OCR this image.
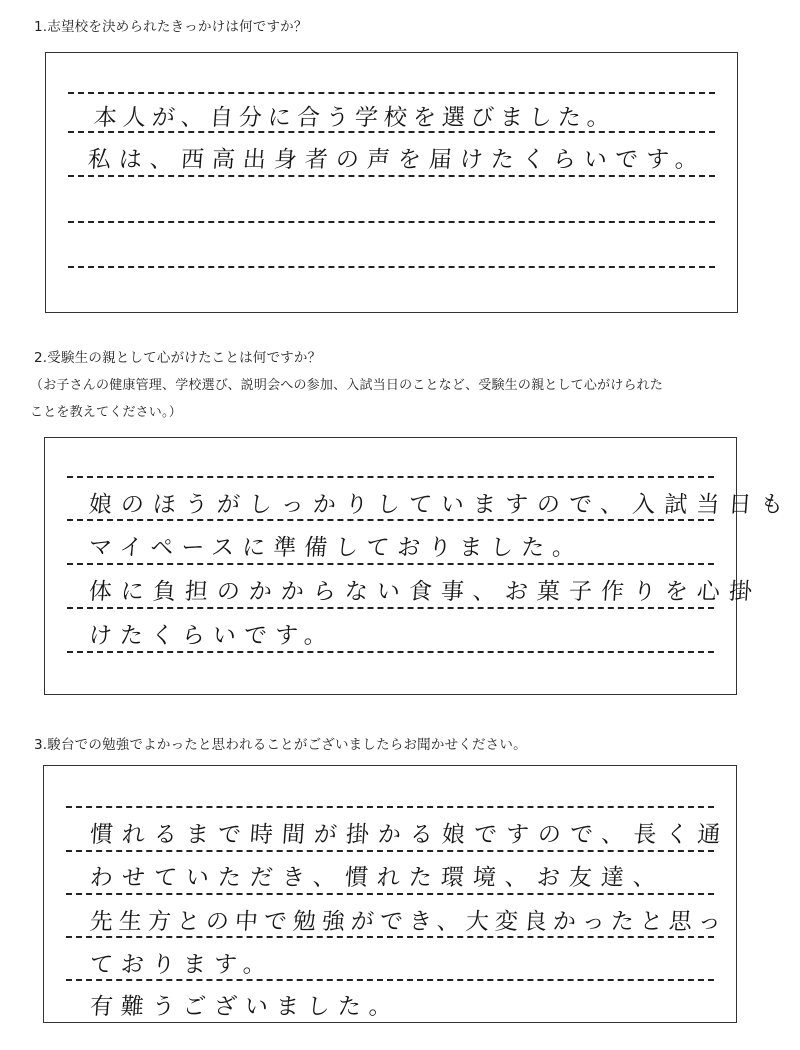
1.志望校を決められたきっかけは何ですか？
本人が、自分に合う学校を選びました。
私は、西高出身者の声を届けたくらいです。
2.受験生の親として心がけたことは何ですか？
（お子さんの健康管理、学校選び、説明会への参加、入試当日のことなど、受験生の親として心がけられた
ことを教えてください。）
娘のほうがしっかりしていますので、入試当日も
マイペースに準備しておりました。
体に負担のかからない食事、お菓子作りを心掛
けたくらいです。
3.駿台での勉強でよかったと思われることがございましたらお聞かせください。
慣れるまで時間が掛かる娘ですので、長く通
わせていただき、慣れた環境、お友達、
先生方との中で勉強ができ、大変良かったと思っ
ております。
有難うございました。
